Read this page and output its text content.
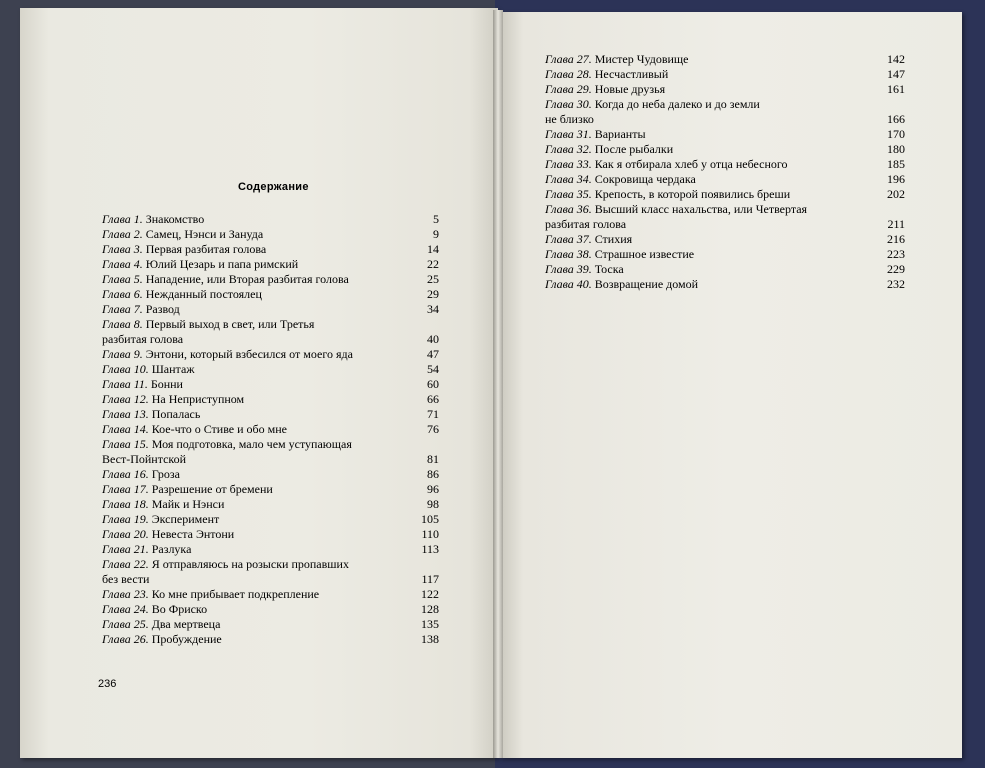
Содержание
Глава 1. Знакомство	5
Глава 2. Самец, Нэнси и Зануда	9
Глава 3. Первая разбитая голова	14
Глава 4. Юлий Цезарь и папа римский	22
Глава 5. Нападение, или Вторая разбитая голова	25
Глава 6. Нежданный постоялец	29
Глава 7. Развод	34
Глава 8. Первый выход в свет, или Третья
разбитая голова	40
Глава 9. Энтони, который взбесился от моего яда	47
Глава 10. Шантаж	54
Глава 11. Бонни	60
Глава 12. На Неприступном	66
Глава 13. Попалась	71
Глава 14. Кое-что о Стиве и обо мне	76
Глава 15. Моя подготовка, мало чем уступающая
Вест-Пойнтской	81
Глава 16. Гроза	86
Глава 17. Разрешение от бремени	96
Глава 18. Майк и Нэнси	98
Глава 19. Эксперимент	105
Глава 20. Невеста Энтони	110
Глава 21. Разлука	113
Глава 22. Я отправляюсь на розыски пропавших
без вести	117
Глава 23. Ко мне прибывает подкрепление	122
Глава 24. Во Фриско	128
Глава 25. Два мертвеца	135
Глава 26. Пробуждение	138
Глава 27. Мистер Чудовище	142
Глава 28. Несчастливый	147
Глава 29. Новые друзья	161
Глава 30. Когда до неба далеко и до земли
не близко	166
Глава 31. Варианты	170
Глава 32. После рыбалки	180
Глава 33. Как я отбирала хлеб у отца небесного	185
Глава 34. Сокровища чердака	196
Глава 35. Крепость, в которой появились бреши	202
Глава 36. Высший класс нахальства, или Четвертая
разбитая голова	211
Глава 37. Стихия	216
Глава 38. Страшное известие	223
Глава 39. Тоска	229
Глава 40. Возвращение домой	232
236
